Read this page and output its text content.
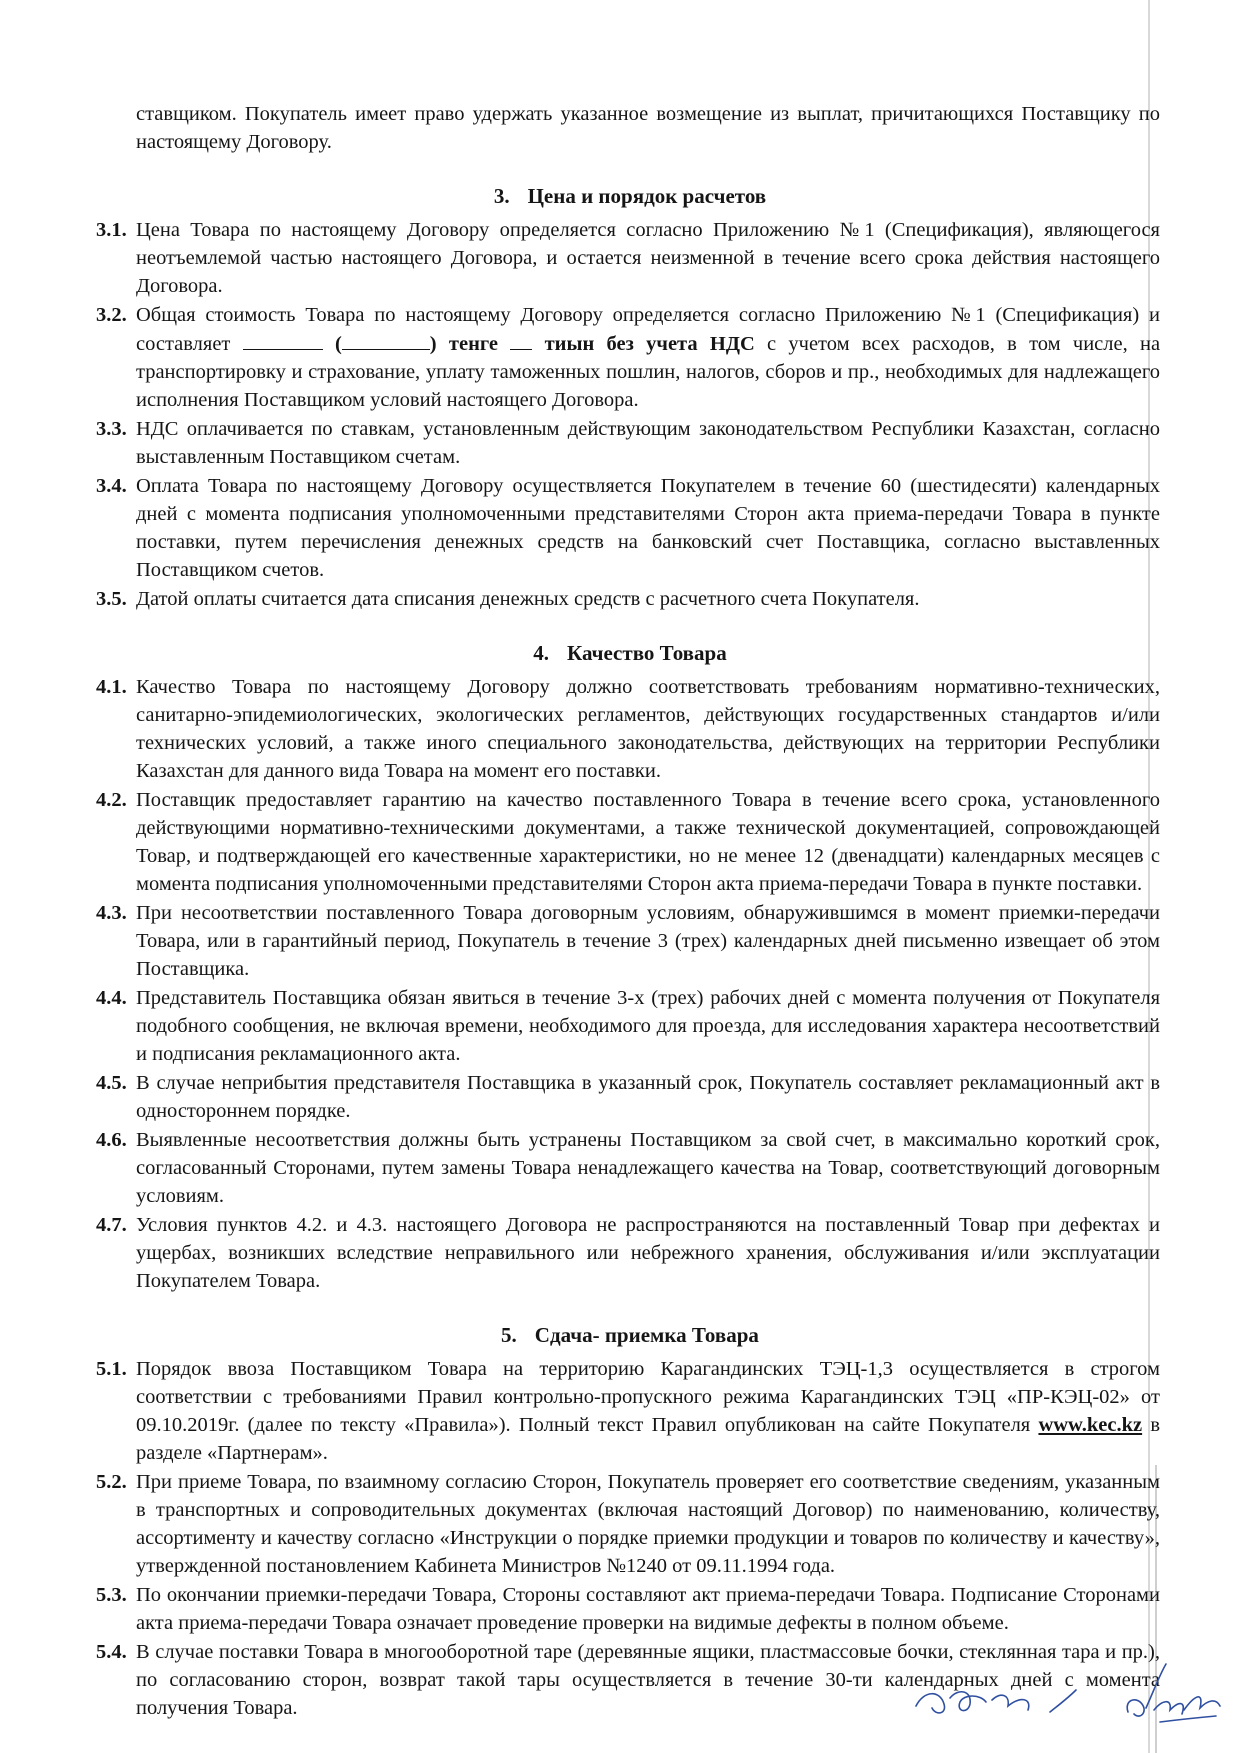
ставщиком. Покупатель имеет право удержать указанное возмещение из выплат, причитающихся Поставщику по настоящему Договору.

3. Цена и порядок расчетов
3.1. Цена Товара по настоящему Договору определяется согласно Приложению №1 (Спецификация), являющегося неотъемлемой частью настоящего Договора, и остается неизменной в течение всего срока действия настоящего Договора.
3.2. Общая стоимость Товара по настоящему Договору определяется согласно Приложению №1 (Спецификация) и составляет	(	) тенге тиын без учета НДС с учетом всех расходов, в том числе, на транспортировку и страхование, уплату таможенных пошлин, налогов, сборов и пр., необходимых для надлежащего исполнения Поставщиком условий настоящего Договора.
3.3. НДС оплачивается по ставкам, установленным действующим законодательством Республики Казахстан, согласно выставленным Поставщиком счетам.
3.4. Оплата Товара по настоящему Договору осуществляется Покупателем в течение 60 (шестидесяти) календарных дней с момента подписания уполномоченными представителями Сторон акта приема-передачи Товара в пункте поставки, путем перечисления денежных средств на банковский счет Поставщика, согласно выставленных Поставщиком счетов.
3.5. Датой оплаты считается дата списания денежных средств с расчетного счета Покупателя.
4. Качество Товара
4.1. Качество Товара по настоящему Договору должно соответствовать требованиям нормативно-технических, санитарно-эпидемиологических, экологических регламентов, действующих государственных стандартов и/или технических условий, а также иного специального законодательства, действующих на территории Республики Казахстан для данного вида Товара на момент его поставки.
4.2. Поставщик предоставляет гарантию на качество поставленного Товара в течение всего срока, установленного действующими нормативно-техническими документами, а также технической документацией, сопровождающей Товар, и подтверждающей его качественные характеристики, но не менее 12 (двенадцати) календарных месяцев с момента подписания уполномоченными представителями Сторон акта приема-передачи Товара в пункте поставки.
4.3. При несоответствии поставленного Товара договорным условиям, обнаружившимся в момент приемки-передачи Товара, или в гарантийный период, Покупатель в течение 3 (трех) календарных дней письменно извещает об этом Поставщика.
4.4. Представитель Поставщика обязан явиться в течение 3-х (трех) рабочих дней с момента получения от Покупателя подобного сообщения, не включая времени, необходимого для проезда, для исследования характера несоответствий и подписания рекламационного акта.
4.5. В случае неприбытия представителя Поставщика в указанный срок, Покупатель составляет рекламационный акт в одностороннем порядке.
4.6. Выявленные несоответствия должны быть устранены Поставщиком за свой счет, в максимально короткий срок, согласованный Сторонами, путем замены Товара ненадлежащего качества на Товар, соответствующий договорным условиям.
4.7. Условия пунктов 4.2. и 4.3. настоящего Договора не распространяются на поставленный Товар при дефектах и ущербах, возникших вследствие неправильного или небрежного хранения, обслуживания и/или эксплуатации Покупателем Товара.
5. Сдача- приемка Товара
5.1. Порядок ввоза Поставщиком Товара на территорию Карагандинских ТЭЦ-1,3 осуществляется в строгом соответствии с требованиями Правил контрольно-пропускного режима Карагандинских ТЭЦ «ПР-КЭЦ-02» от 09.10.2019г. (далее по тексту «Правила»). Полный текст Правил опубликован на сайте Покупателя www.kec.kz в разделе «Партнерам».
5.2. При приеме Товара, по взаимному согласию Сторон, Покупатель проверяет его соответствие сведениям, указанным в транспортных и сопроводительных документах (включая настоящий Договор) по наименованию, количеству, ассортименту и качеству согласно «Инструкции о порядке приемки продукции и товаров по количеству и качеству», утвержденной постановлением Кабинета Министров №1240 от 09.11.1994 года.
5.3. По окончании приемки-передачи Товара, Стороны составляют акт приема-передачи Товара. Подписание Сторонами акта приема-передачи Товара означает проведение проверки на видимые дефекты в полном объеме.
5.4. В случае поставки Товара в многооборотной таре (деревянные ящики, пластмассовые бочки, стеклянная тара и пр.), по согласованию сторон, возврат такой тары осуществляется в течение 30-ти календарных дней с момента получения Товара.
